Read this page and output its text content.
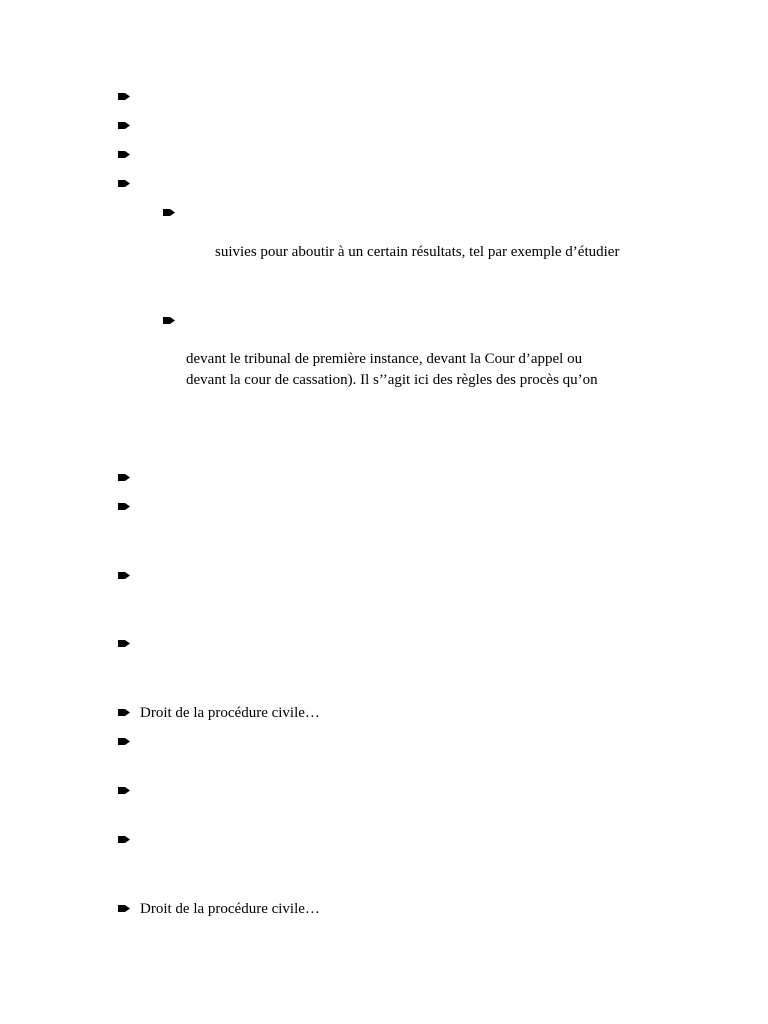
suivies pour aboutir à un certain résultats, tel par exemple d’étudier
devant le tribunal de première instance, devant la Cour d’appel ou
devant la cour de cassation). Il s’’agit ici des règles des procès qu’on
Droit de la procédure civile…
Droit de la procédure civile…
